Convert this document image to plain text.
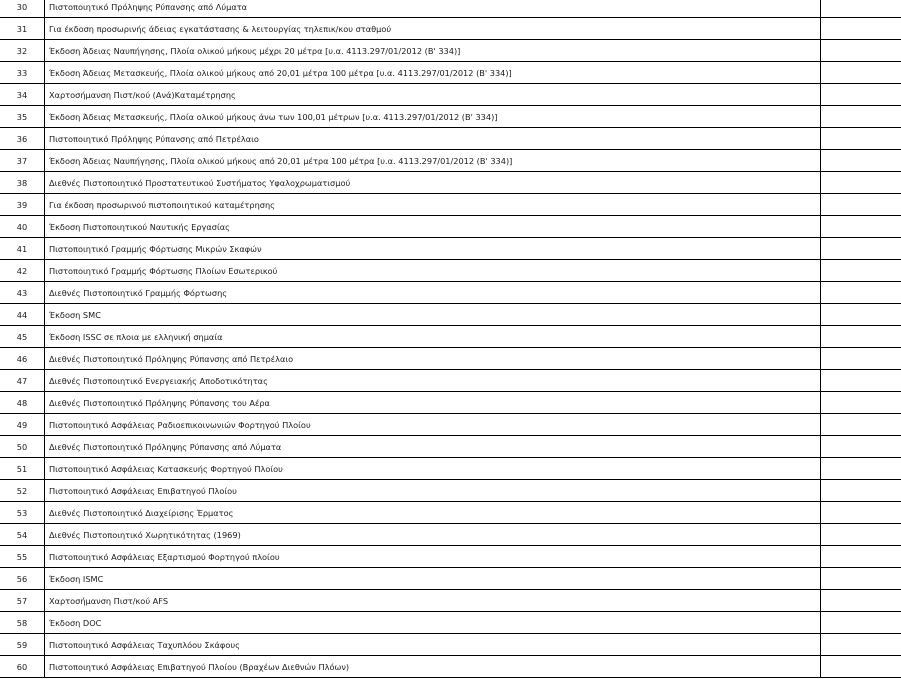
30	Πιστοποιητικό Πρόληψης Ρύπανσης από Λύματα	
31	Για έκδοση προσωρινής άδειας εγκατάστασης & λειτουργίας τηλεπικ/κου σταθμού	
32	Έκδοση Άδειας Ναυπήγησης, Πλοία ολικού μήκους μέχρι 20 μέτρα [υ.α. 4113.297/01/2012 (Β' 334)]	
33	Έκδοση Άδειας Μετασκευής, Πλοία ολικού μήκους από 20,01 μέτρα 100 μέτρα [υ.α. 4113.297/01/2012 (Β' 334)]	
34	Χαρτοσήμανση Πιστ/κού (Ανά)Καταμέτρησης	
35	Έκδοση Άδειας Μετασκευής, Πλοία ολικού μήκους άνω των 100,01 μέτρων [υ.α. 4113.297/01/2012 (Β' 334)]	
36	Πιστοποιητικό Πρόληψης Ρύπανσης από Πετρέλαιο	
37	Έκδοση Άδειας Ναυπήγησης, Πλοία ολικού μήκους από 20,01 μέτρα 100 μέτρα [υ.α. 4113.297/01/2012 (Β' 334)]	
38	Διεθνές Πιστοποιητικό Προστατευτικού Συστήματος Υφαλοχρωματισμού	
39	Για έκδοση προσωρινού πιστοποιητικού καταμέτρησης	
40	Έκδοση Πιστοποιητικού Ναυτικής Εργασίας	
41	Πιστοποιητικό Γραμμής Φόρτωσης Μικρών Σκαφών	
42	Πιστοποιητικό Γραμμής Φόρτωσης Πλοίων Εσωτερικού	
43	Διεθνές Πιστοποιητικό Γραμμής Φόρτωσης	
44	Έκδοση SMC	
45	Έκδοση ISSC σε πλοια με ελληνική σημαία	
46	Διεθνές Πιστοποιητικό Πρόληψης Ρύπανσης από Πετρέλαιο	
47	Διεθνές Πιστοποιητικό Ενεργειακής Αποδοτικότητας	
48	Διεθνές Πιστοποιητικό Πρόληψης Ρύπανσης του Αέρα	
49	Πιστοποιητικό Ασφάλειας Ραδιοεπικοινωνιών Φορτηγού Πλοίου	
50	Διεθνές Πιστοποιητικό Πρόληψης Ρύπανσης από Λύματα	
51	Πιστοποιητικό Ασφάλειας Κατασκευής Φορτηγού Πλοίου	
52	Πιστοποιητικό Ασφάλειας Επιβατηγού Πλοίου	
53	Διεθνές Πιστοποιητικό Διαχείρισης Έρματος	
54	Διεθνές Πιστοποιητικό Χωρητικότητας (1969)	
55	Πιστοποιητικό Ασφάλειας Εξαρτισμού Φορτηγού πλοίου	
56	Έκδοση ISMC	
57	Χαρτοσήμανση Πιστ/κού AFS	
58	Έκδοση DOC	
59	Πιστοποιητικό Ασφάλειας Ταχυπλόου Σκάφους	
60	Πιστοποιητικό Ασφάλειας Επιβατηγού Πλοίου (Βραχέων Διεθνών Πλόων)	
